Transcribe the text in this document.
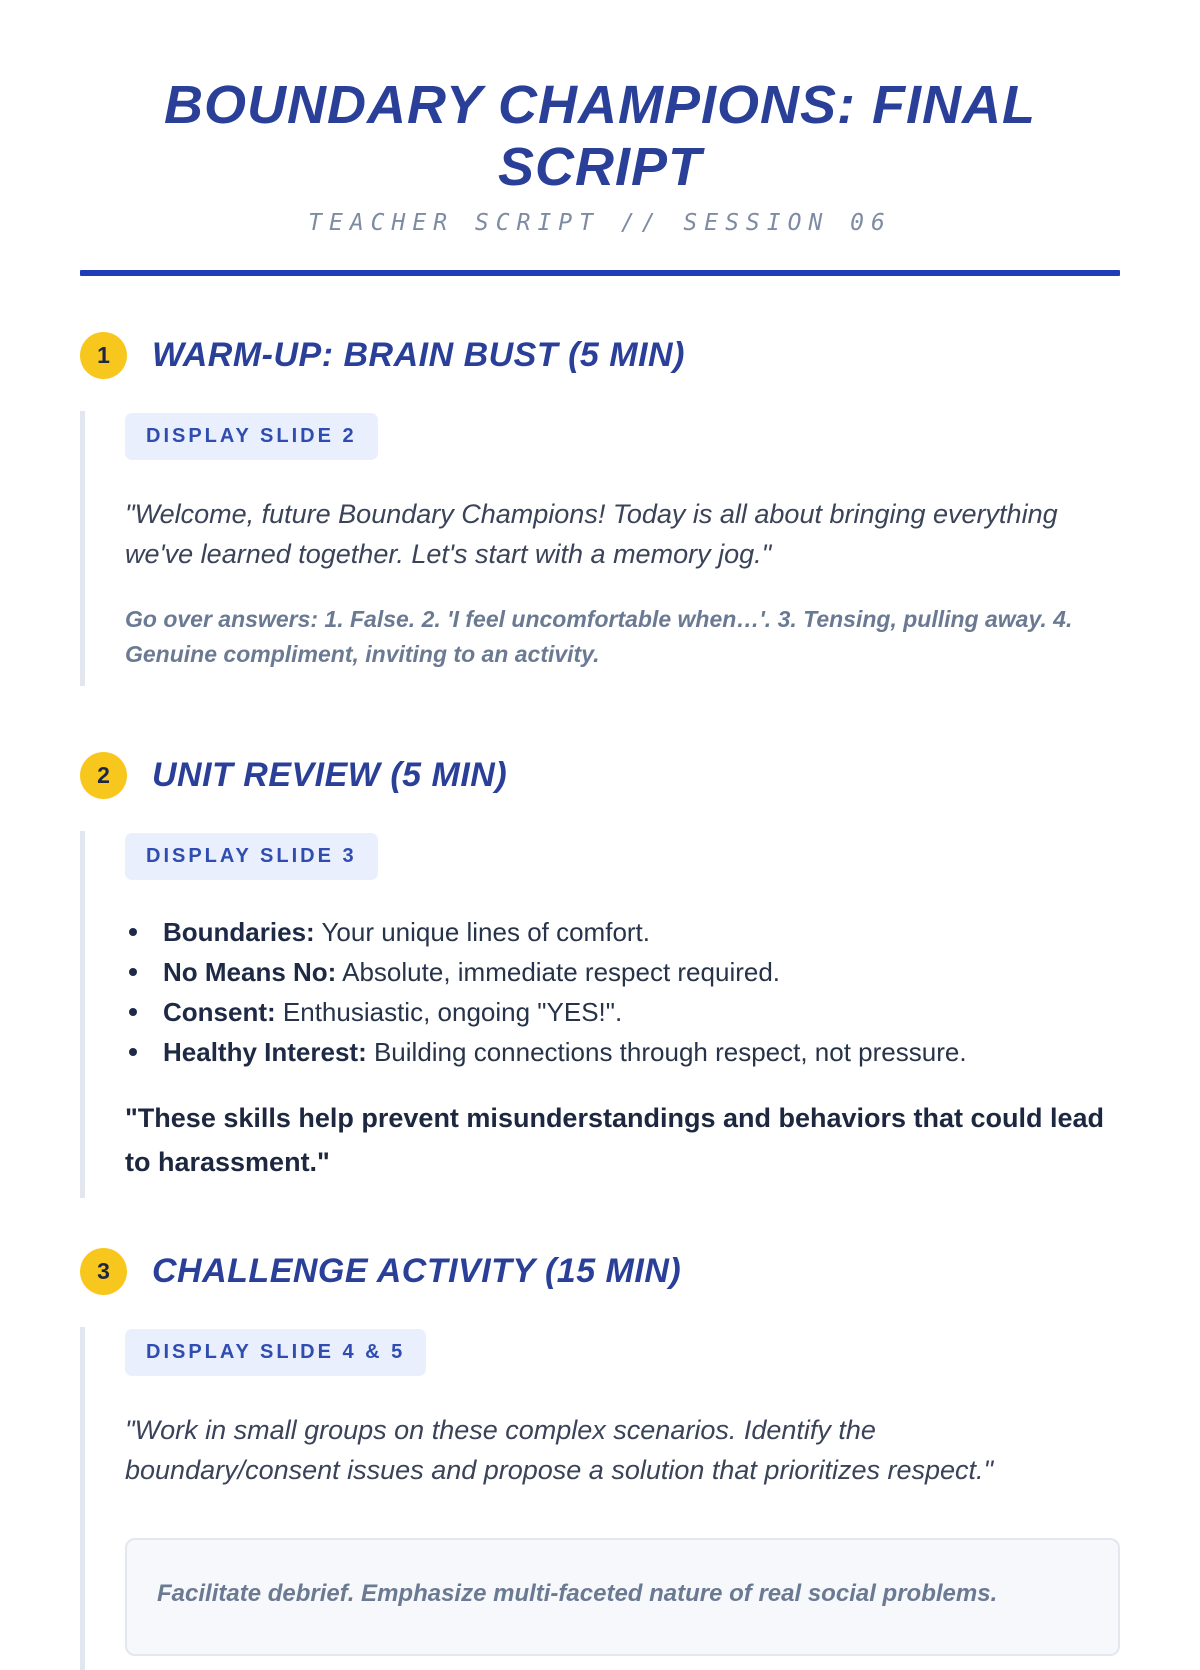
BOUNDARY CHAMPIONS: FINAL SCRIPT
TEACHER SCRIPT // SESSION 06
1	WARM-UP: BRAIN BUST (5 MIN)
DISPLAY SLIDE 2
"Welcome, future Boundary Champions! Today is all about bringing everything
we've learned together. Let's start with a memory jog."
Go over answers: 1. False. 2. 'I feel uncomfortable when…'. 3. Tensing, pulling away. 4.
Genuine compliment, inviting to an activity.
2	UNIT REVIEW (5 MIN)
DISPLAY SLIDE 3
Boundaries: Your unique lines of comfort.
No Means No: Absolute, immediate respect required.
Consent: Enthusiastic, ongoing "YES!".
Healthy Interest: Building connections through respect, not pressure.
"These skills help prevent misunderstandings and behaviors that could lead
to harassment."
3	CHALLENGE ACTIVITY (15 MIN)
DISPLAY SLIDE 4 & 5
"Work in small groups on these complex scenarios. Identify the
boundary/consent issues and propose a solution that prioritizes respect."
Facilitate debrief. Emphasize multi-faceted nature of real social problems.
